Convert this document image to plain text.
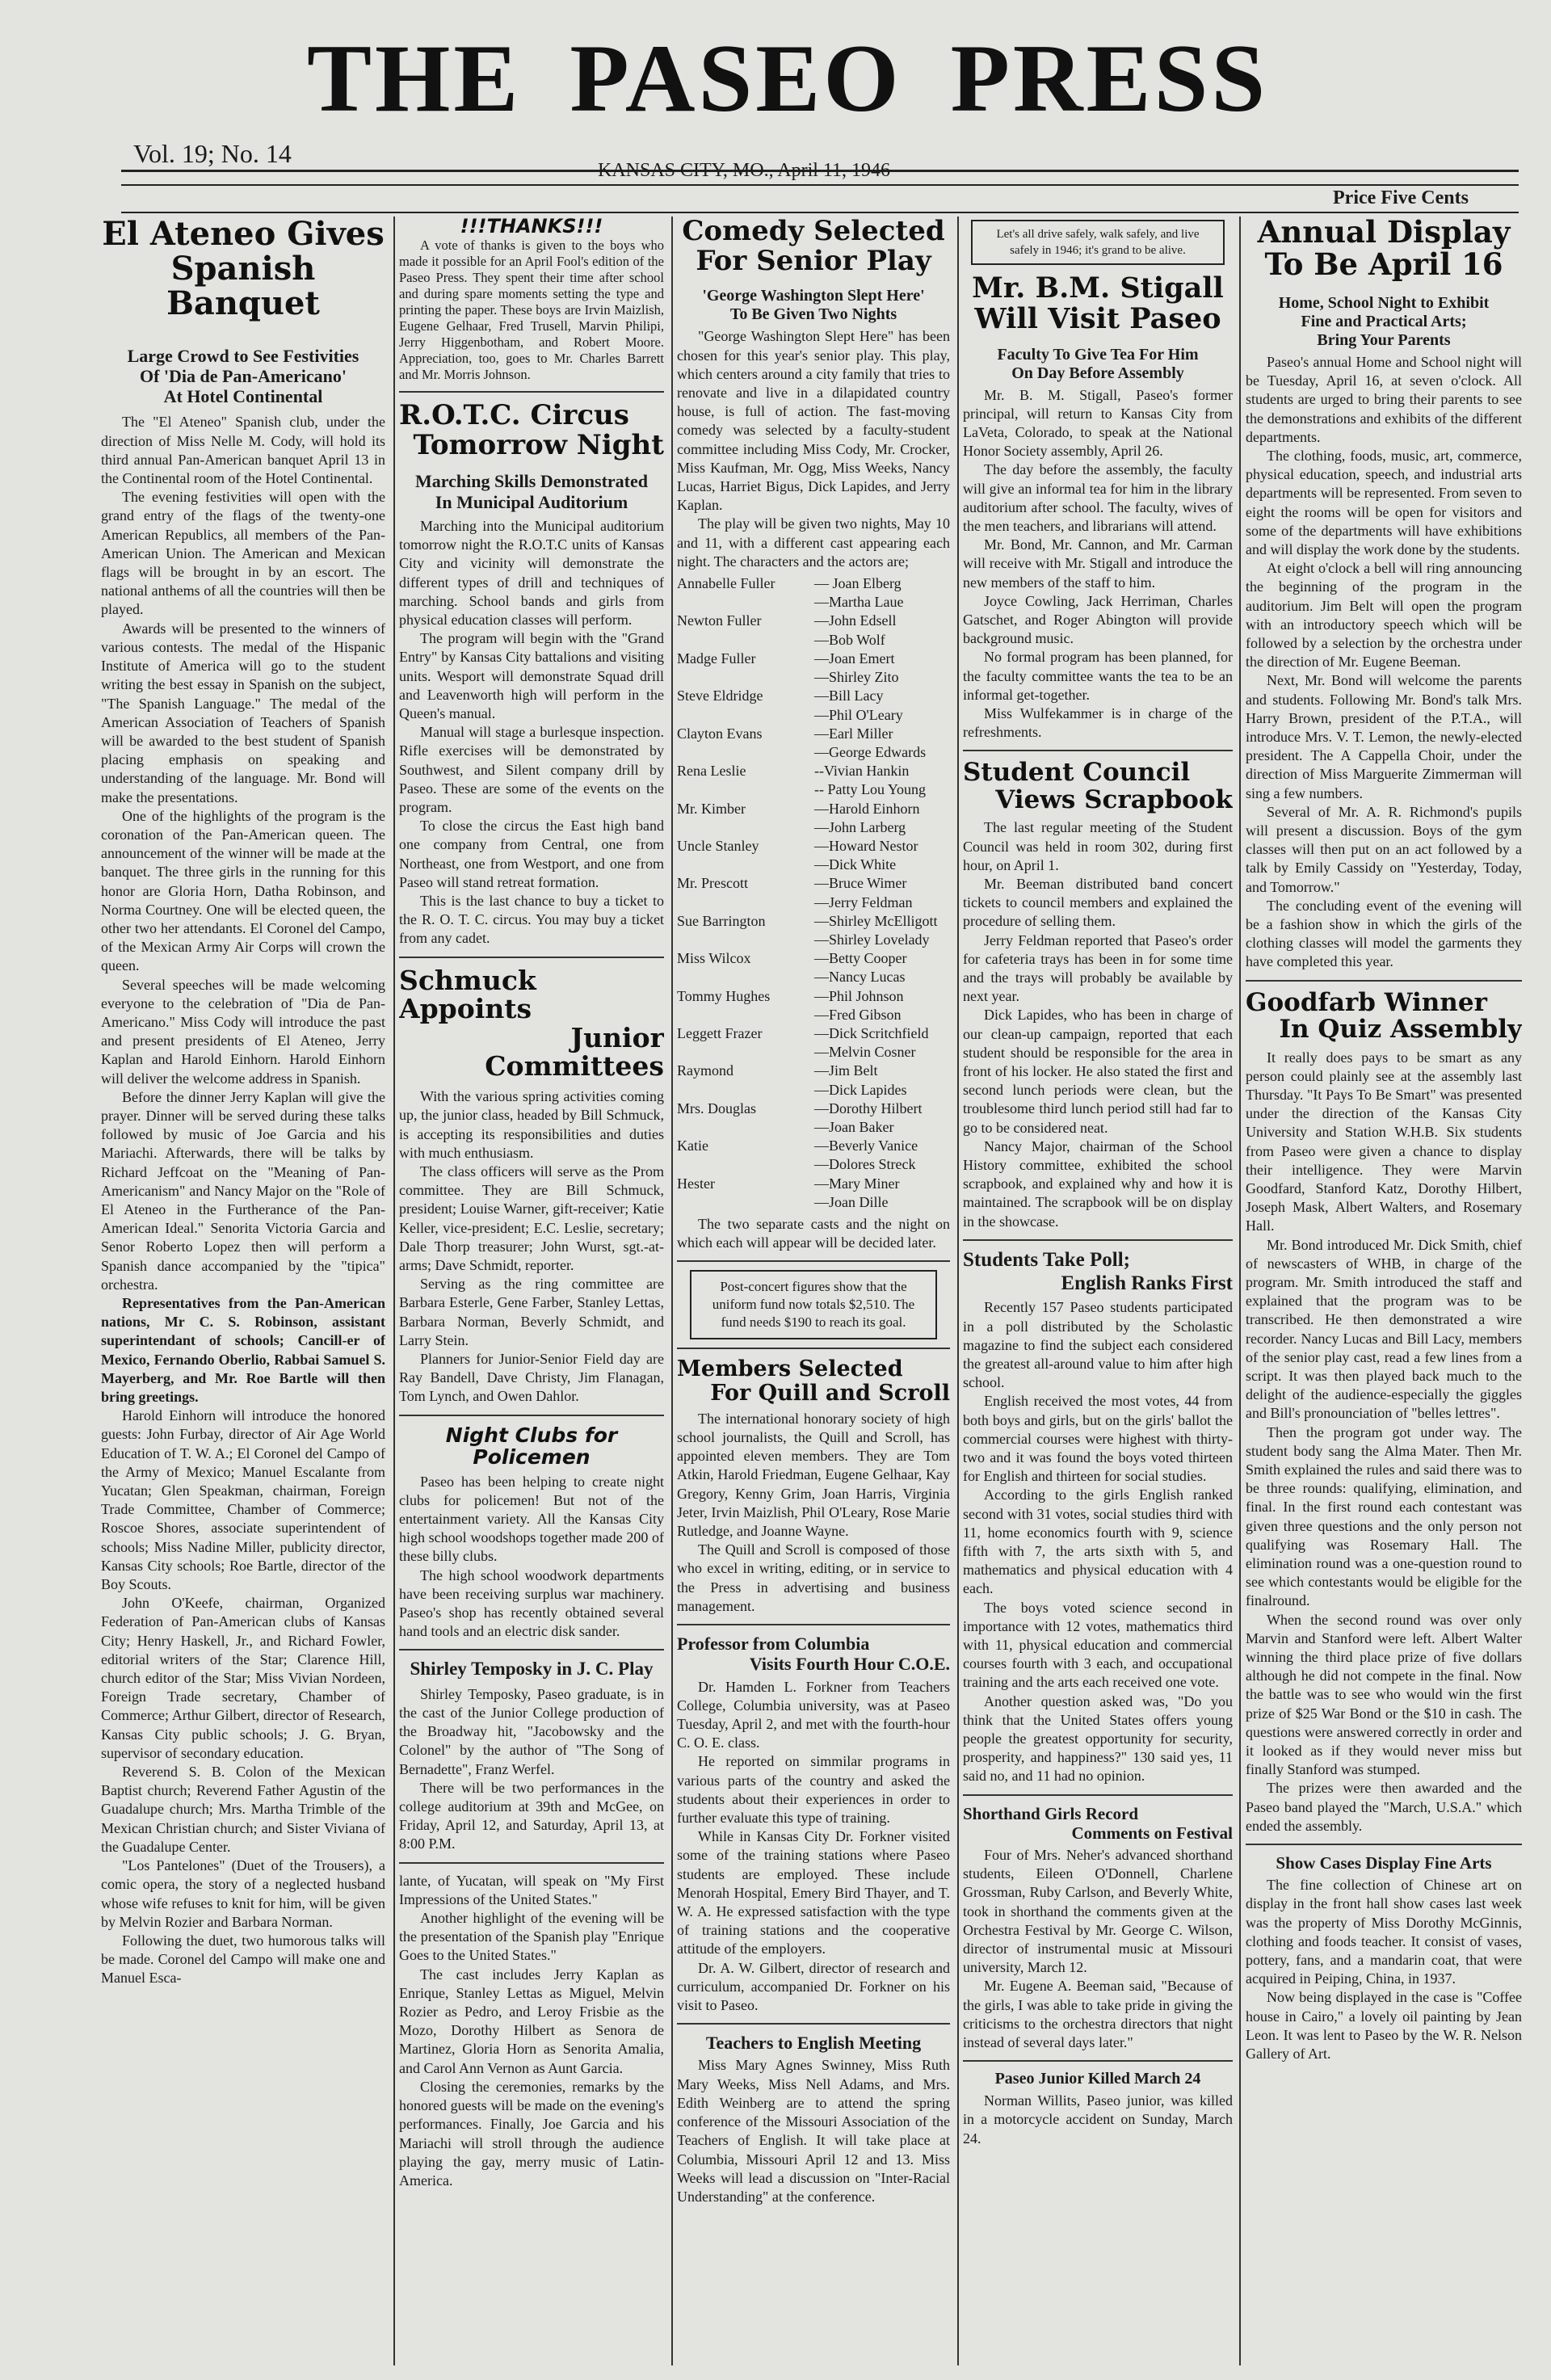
THE PASEO PRESS
Vol. 19; No. 14
KANSAS CITY, MO., April 11, 1946
Price Five Cents
El Ateneo Gives
Spanish Banquet
Large Crowd to See Festivities
Of 'Dia de Pan-Americano'
At Hotel Continental

The "El Ateneo" Spanish club, under the direction of Miss Nelle M. Cody, will hold its third annual Pan-American banquet April 13 in the Continental room of the Hotel Continental.

The evening festivities will open with the grand entry of the flags of the twenty-one American Republics, all members of the Pan-American Union. The American and Mexican flags will be brought in by an escort. The national anthems of all the countries will then be played.

Awards will be presented to the winners of various contests. The medal of the Hispanic Institute of America will go to the student writing the best essay in Spanish on the subject, "The Spanish Language." The medal of the American Association of Teachers of Spanish will be awarded to the best student of Spanish placing emphasis on speaking and understanding of the language. Mr. Bond will make the presentations.

One of the highlights of the program is the coronation of the Pan-American queen. The announcement of the winner will be made at the banquet. The three girls in the running for this honor are Gloria Horn, Datha Robinson, and Norma Courtney. One will be elected queen, the other two her attendants. El Coronel del Campo, of the Mexican Army Air Corps will crown the queen.

Several speeches will be made welcoming everyone to the celebration of "Dia de Pan-Americano." Miss Cody will introduce the past and present presidents of El Ateneo, Jerry Kaplan and Harold Einhorn. Harold Einhorn will deliver the welcome address in Spanish.

Before the dinner Jerry Kaplan will give the prayer. Dinner will be served during these talks followed by music of Joe Garcia and his Mariachi. Afterwards, there will be talks by Richard Jeffcoat on the "Meaning of Pan-Americanism" and Nancy Major on the "Role of El Ateneo in the Furtherance of the Pan-American Ideal." Senorita Victoria Garcia and Senor Roberto Lopez then will perform a Spanish dance accompanied by the "tipica" orchestra.

Representatives from the Pan-American nations, Mr C. S. Robinson, assistant superintendant of schools; Cancill-er of Mexico, Fernando Oberlio, Rabbai Samuel S. Mayerberg, and Mr. Roe Bartle will then bring greetings.

Harold Einhorn will introduce the honored guests: John Furbay, director of Air Age World Education of T. W. A.; El Coronel del Campo of the Army of Mexico; Manuel Escalante from Yucatan; Glen Speakman, chairman, Foreign Trade Committee, Chamber of Commerce; Roscoe Shores, associate superintendent of schools; Miss Nadine Miller, publicity director, Kansas City schools; Roe Bartle, director of the Boy Scouts.

John O'Keefe, chairman, Organized Federation of Pan-American clubs of Kansas City; Henry Haskell, Jr., and Richard Fowler, editorial writers of the Star; Clarence Hill, church editor of the Star; Miss Vivian Nordeen, Foreign Trade secretary, Chamber of Commerce; Arthur Gilbert, director of Research, Kansas City public schools; J. G. Bryan, supervisor of secondary education.

Reverend S. B. Colon of the Mexican Baptist church; Reverend Father Agustin of the Guadalupe church; Mrs. Martha Trimble of the Mexican Christian church; and Sister Viviana of the Guadalupe Center.

"Los Pantelones" (Duet of the Trousers), a comic opera, the story of a neglected husband whose wife refuses to knit for him, will be given by Melvin Rozier and Barbara Norman.

Following the duet, two humorous talks will be made. Coronel del Campo will make one and Manuel Esca-

!!!THANKS!!!

A vote of thanks is given to the boys who made it possible for an April Fool's edition of the Paseo Press. They spent their time after school and during spare moments setting the type and printing the paper. These boys are Irvin Maizlish, Eugene Gelhaar, Fred Trusell, Marvin Philipi, Jerry Higgenbotham, and Robert Moore. Appreciation, too, goes to Mr. Charles Barrett and Mr. Morris Johnson.

R.O.T.C. Circus
Tomorrow Night
Marching Skills Demonstrated
In Municipal Auditorium

Marching into the Municipal auditorium tomorrow night the R.O.T.C units of Kansas City and vicinity will demonstrate the different types of drill and techniques of marching. School bands and girls from physical education classes will perform.

The program will begin with the "Grand Entry" by Kansas City battalions and visiting units. Wesport will demonstrate Squad drill and Leavenworth high will perform in the Queen's manual.

Manual will stage a burlesque inspection. Rifle exercises will be demonstrated by Southwest, and Silent company drill by Paseo. These are some of the events on the program.

To close the circus the East high band one company from Central, one from Northeast, one from Westport, and one from Paseo will stand retreat formation.

This is the last chance to buy a ticket to the R. O. T. C. circus. You may buy a ticket from any cadet.

Schmuck Appoints
Junior Committees

With the various spring activities coming up, the junior class, headed by Bill Schmuck, is accepting its responsibilities and duties with much enthusiasm.

The class officers will serve as the Prom committee. They are Bill Schmuck, president; Louise Warner, gift-receiver; Katie Keller, vice-president; E.C. Leslie, secretary; Dale Thorp treasurer; John Wurst, sgt.-at-arms; Dave Schmidt, reporter.

Serving as the ring committee are Barbara Esterle, Gene Farber, Stanley Lettas, Barbara Norman, Beverly Schmidt, and Larry Stein.

Planners for Junior-Senior Field day are Ray Bandell, Dave Christy, Jim Flanagan, Tom Lynch, and Owen Dahlor.

Night Clubs for Policemen

Paseo has been helping to create night clubs for policemen! But not of the entertainment variety. All the Kansas City high school woodshops together made 200 of these billy clubs.

The high school woodwork departments have been receiving surplus war machinery. Paseo's shop has recently obtained several hand tools and an electric disk sander.

Shirley Temposky in J. C. Play

Shirley Temposky, Paseo graduate, is in the cast of the Junior College production of the Broadway hit, "Jacobowsky and the Colonel" by the author of "The Song of Bernadette", Franz Werfel.

There will be two performances in the college auditorium at 39th and McGee, on Friday, April 12, and Saturday, April 13, at 8:00 P.M.

lante, of Yucatan, will speak on "My First Impressions of the United States."

Another highlight of the evening will be the presentation of the Spanish play "Enrique Goes to the United States."

The cast includes Jerry Kaplan as Enrique, Stanley Lettas as Miguel, Melvin Rozier as Pedro, and Leroy Frisbie as the Mozo, Dorothy Hilbert as Senora de Martinez, Gloria Horn as Senorita Amalia, and Carol Ann Vernon as Aunt Garcia.

Closing the ceremonies, remarks by the honored guests will be made on the evening's performances. Finally, Joe Garcia and his Mariachi will stroll through the audience playing the gay, merry music of Latin-America.

Comedy Selected
For Senior Play
'George Washington Slept Here'
To Be Given Two Nights

"George Washington Slept Here" has been chosen for this year's senior play. This play, which centers around a city family that tries to renovate and live in a dilapidated country house, is full of action. The fast-moving comedy was selected by a faculty-student committee including Miss Cody, Mr. Crocker, Miss Kaufman, Mr. Ogg, Miss Weeks, Nancy Lucas, Harriet Bigus, Dick Lapides, and Jerry Kaplan.

The play will be given two nights, May 10 and 11, with a different cast appearing each night. The characters and the actors are;

Annabelle Fuller	— Joan Elberg
—Martha Laue
Newton Fuller	—John Edsell
—Bob Wolf
Madge Fuller	—Joan Emert
—Shirley Zito
Steve Eldridge	—Bill Lacy
—Phil O'Leary
Clayton Evans	—Earl Miller
—George Edwards
Rena Leslie	--Vivian Hankin
-- Patty Lou Young
Mr. Kimber	—Harold Einhorn
—John Larberg
Uncle Stanley	—Howard Nestor
—Dick White
Mr. Prescott	—Bruce Wimer
—Jerry Feldman
Sue Barrington	—Shirley McElligott
—Shirley Lovelady
Miss Wilcox	—Betty Cooper
—Nancy Lucas
Tommy Hughes	—Phil Johnson
—Fred Gibson
Leggett Frazer	—Dick Scritchfield
—Melvin Cosner
Raymond	—Jim Belt
—Dick Lapides
Mrs. Douglas	—Dorothy Hilbert
—Joan Baker
Katie	—Beverly Vanice
—Dolores Streck
Hester	—Mary Miner
—Joan Dille

The two separate casts and the night on which each will appear will be decided later.

Post-concert figures show that the uniform fund now totals $2,510. The fund needs $190 to reach its goal.
Members Selected
For Quill and Scroll

The international honorary society of high school journalists, the Quill and Scroll, has appointed eleven members. They are Tom Atkin, Harold Friedman, Eugene Gelhaar, Kay Gregory, Kenny Grim, Joan Harris, Virginia Jeter, Irvin Maizlish, Phil O'Leary, Rose Marie Rutledge, and Joanne Wayne.

The Quill and Scroll is composed of those who excel in writing, editing, or in service to the Press in advertising and business management.

Professor from Columbia
Visits Fourth Hour C.O.E.

Dr. Hamden L. Forkner from Teachers College, Columbia university, was at Paseo Tuesday, April 2, and met with the fourth-hour C. O. E. class.

He reported on simmilar programs in various parts of the country and asked the students about their experiences in order to further evaluate this type of training.

While in Kansas City Dr. Forkner visited some of the training stations where Paseo students are employed. These include Menorah Hospital, Emery Bird Thayer, and T. W. A. He expressed satisfaction with the type of training stations and the cooperative attitude of the employers.

Dr. A. W. Gilbert, director of research and curriculum, accompanied Dr. Forkner on his visit to Paseo.

Teachers to English Meeting

Miss Mary Agnes Swinney, Miss Ruth Mary Weeks, Miss Nell Adams, and Mrs. Edith Weinberg are to attend the spring conference of the Missouri Association of the Teachers of English. It will take place at Columbia, Missouri April 12 and 13. Miss Weeks will lead a discussion on "Inter-Racial Understanding" at the conference.

Let's all drive safely, walk safely, and live safely in 1946; it's grand to be alive.
Mr. B.M. Stigall
Will Visit Paseo
Faculty To Give Tea For Him
On Day Before Assembly

Mr. B. M. Stigall, Paseo's former principal, will return to Kansas City from LaVeta, Colorado, to speak at the National Honor Society assembly, April 26.

The day before the assembly, the faculty will give an informal tea for him in the library auditorium after school. The faculty, wives of the men teachers, and librarians will attend.

Mr. Bond, Mr. Cannon, and Mr. Carman will receive with Mr. Stigall and introduce the new members of the staff to him.

Joyce Cowling, Jack Herriman, Charles Gatschet, and Roger Abington will provide background music.

No formal program has been planned, for the faculty committee wants the tea to be an informal get-together.

Miss Wulfekammer is in charge of the refreshments.

Student Council
Views Scrapbook

The last regular meeting of the Student Council was held in room 302, during first hour, on April 1.

Mr. Beeman distributed band concert tickets to council members and explained the procedure of selling them.

Jerry Feldman reported that Paseo's order for cafeteria trays has been in for some time and the trays will probably be available by next year.

Dick Lapides, who has been in charge of our clean-up campaign, reported that each student should be responsible for the area in front of his locker. He also stated the first and second lunch periods were clean, but the troublesome third lunch period still had far to go to be considered neat.

Nancy Major, chairman of the School History committee, exhibited the school scrapbook, and explained why and how it is maintained. The scrapbook will be on display in the showcase.

Students Take Poll;
English Ranks First

Recently 157 Paseo students participated in a poll distributed by the Scholastic magazine to find the subject each considered the greatest all-around value to him after high school.

English received the most votes, 44 from both boys and girls, but on the girls' ballot the commercial courses were highest with thirty-two and it was found the boys voted thirteen for English and thirteen for social studies.

According to the girls English ranked second with 31 votes, social studies third with 11, home economics fourth with 9, science fifth with 7, the arts sixth with 5, and mathematics and physical education with 4 each.

The boys voted science second in importance with 12 votes, mathematics third with 11, physical education and commercial courses fourth with 3 each, and occupational training and the arts each received one vote.

Another question asked was, "Do you think that the United States offers young people the greatest opportunity for security, prosperity, and happiness?" 130 said yes, 11 said no, and 11 had no opinion.

Shorthand Girls Record
Comments on Festival

Four of Mrs. Neher's advanced shorthand students, Eileen O'Donnell, Charlene Grossman, Ruby Carlson, and Beverly White, took in shorthand the comments given at the Orchestra Festival by Mr. George C. Wilson, director of instrumental music at Missouri university, March 12.

Mr. Eugene A. Beeman said, "Because of the girls, I was able to take pride in giving the criticisms to the orchestra directors that night instead of several days later."

Paseo Junior Killed March 24

Norman Willits, Paseo junior, was killed in a motorcycle accident on Sunday, March 24.

Annual Display
To Be April 16
Home, School Night to Exhibit
Fine and Practical Arts;
Bring Your Parents

Paseo's annual Home and School night will be Tuesday, April 16, at seven o'clock. All students are urged to bring their parents to see the demonstrations and exhibits of the different departments.

The clothing, foods, music, art, commerce, physical education, speech, and industrial arts departments will be represented. From seven to eight the rooms will be open for visitors and some of the departments will have exhibitions and will display the work done by the students.

At eight o'clock a bell will ring announcing the beginning of the program in the auditorium. Jim Belt will open the program with an introductory speech which will be followed by a selection by the orchestra under the direction of Mr. Eugene Beeman.

Next, Mr. Bond will welcome the parents and students. Following Mr. Bond's talk Mrs. Harry Brown, president of the P.T.A., will introduce Mrs. V. T. Lemon, the newly-elected president. The A Cappella Choir, under the direction of Miss Marguerite Zimmerman will sing a few numbers.

Several of Mr. A. R. Richmond's pupils will present a discussion. Boys of the gym classes will then put on an act followed by a talk by Emily Cassidy on "Yesterday, Today, and Tomorrow."

The concluding event of the evening will be a fashion show in which the girls of the clothing classes will model the garments they have completed this year.

Goodfarb Winner
In Quiz Assembly

It really does pays to be smart as any person could plainly see at the assembly last Thursday. "It Pays To Be Smart" was presented under the direction of the Kansas City University and Station W.H.B. Six students from Paseo were given a chance to display their intelligence. They were Marvin Goodfard, Stanford Katz, Dorothy Hilbert, Joseph Mask, Albert Walters, and Rosemary Hall.

Mr. Bond introduced Mr. Dick Smith, chief of newscasters of WHB, in charge of the program. Mr. Smith introduced the staff and explained that the program was to be transcribed. He then demonstrated a wire recorder. Nancy Lucas and Bill Lacy, members of the senior play cast, read a few lines from a script. It was then played back much to the delight of the audience-especially the giggles and Bill's pronounciation of "belles lettres".

Then the program got under way. The student body sang the Alma Mater. Then Mr. Smith explained the rules and said there was to be three rounds: qualifying, elimination, and final. In the first round each contestant was given three questions and the only person not qualifying was Rosemary Hall. The elimination round was a one-question round to see which contestants would be eligible for the finalround.

When the second round was over only Marvin and Stanford were left. Albert Walter winning the third place prize of five dollars although he did not compete in the final. Now the battle was to see who would win the first prize of $25 War Bond or the $10 in cash. The questions were answered correctly in order and it looked as if they would never miss but finally Stanford was stumped.

The prizes were then awarded and the Paseo band played the "March, U.S.A." which ended the assembly.

Show Cases Display Fine Arts

The fine collection of Chinese art on display in the front hall show cases last week was the property of Miss Dorothy McGinnis, clothing and foods teacher. It consist of vases, pottery, fans, and a mandarin coat, that were acquired in Peiping, China, in 1937.

Now being displayed in the case is "Coffee house in Cairo," a lovely oil painting by Jean Leon. It was lent to Paseo by the W. R. Nelson Gallery of Art.
